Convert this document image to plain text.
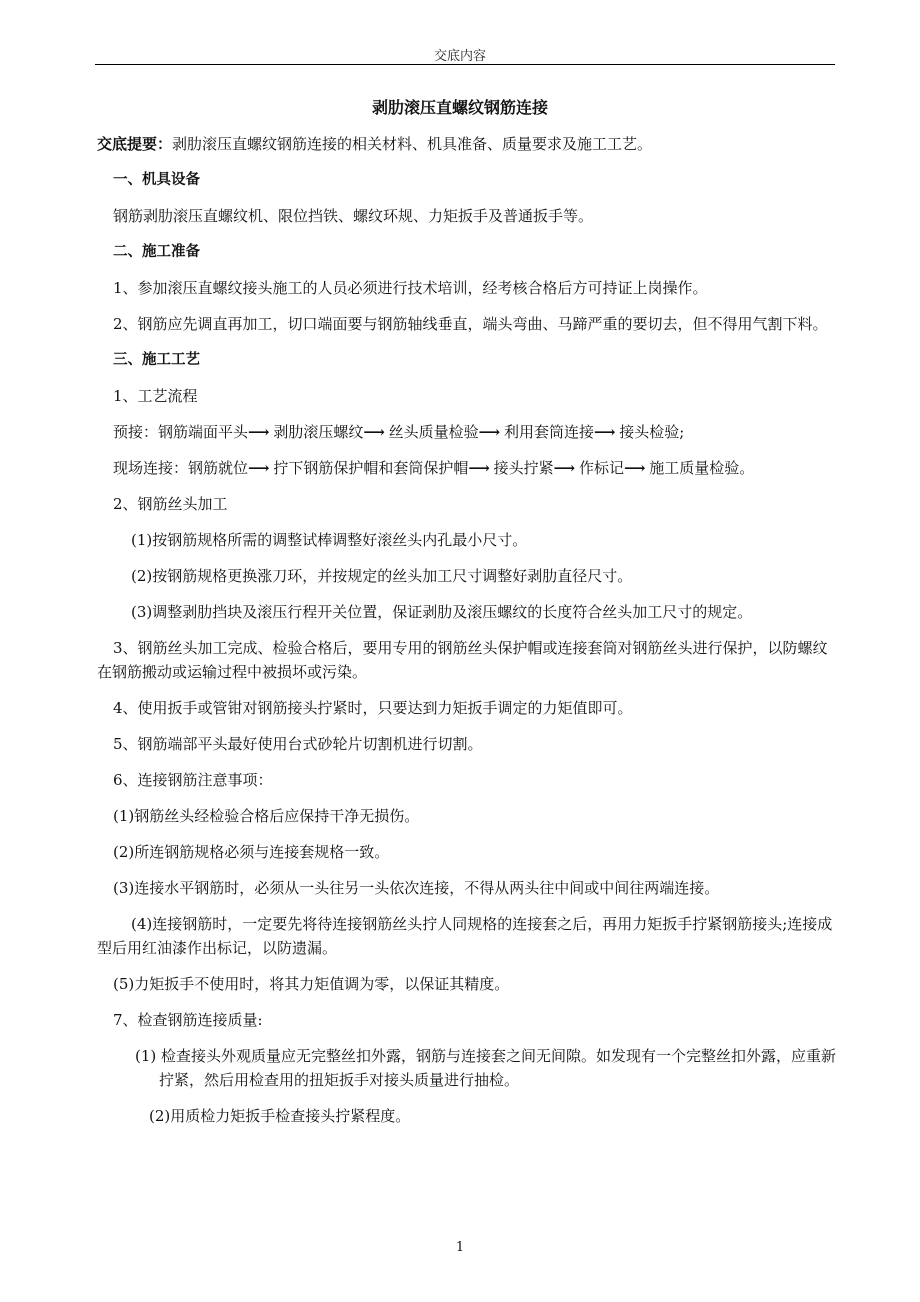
交底内容
剥肋滚压直螺纹钢筋连接

交底提要：剥肋滚压直螺纹钢筋连接的相关材料、机具准备、质量要求及施工工艺。

一、机具设备

钢筋剥肋滚压直螺纹机、限位挡铁、螺纹环规、力矩扳手及普通扳手等。

二、施工准备

1、参加滚压直螺纹接头施工的人员必须进行技术培训，经考核合格后方可持证上岗操作。

2、钢筋应先调直再加工，切口端面要与钢筋轴线垂直，端头弯曲、马蹄严重的要切去，但不得用气割下料。

三、施工工艺

1、工艺流程

预接：钢筋端面平头⟶ 剥肋滚压螺纹⟶ 丝头质量检验⟶ 利用套筒连接⟶ 接头检验;

现场连接：钢筋就位⟶ 拧下钢筋保护帽和套筒保护帽⟶ 接头拧紧⟶ 作标记⟶ 施工质量检验。

2、钢筋丝头加工

(1)按钢筋规格所需的调整试棒调整好滚丝头内孔最小尺寸。

(2)按钢筋规格更换涨刀环，并按规定的丝头加工尺寸调整好剥肋直径尺寸。

(3)调整剥肋挡块及滚压行程开关位置，保证剥肋及滚压螺纹的长度符合丝头加工尺寸的规定。

3、钢筋丝头加工完成、检验合格后，要用专用的钢筋丝头保护帽或连接套筒对钢筋丝头进行保护，以防螺纹在钢筋搬动或运输过程中被损坏或污染。

4、使用扳手或管钳对钢筋接头拧紧时，只要达到力矩扳手调定的力矩值即可。

5、钢筋端部平头最好使用台式砂轮片切割机进行切割。

6、连接钢筋注意事项：

(1)钢筋丝头经检验合格后应保持干净无损伤。

(2)所连钢筋规格必须与连接套规格一致。

(3)连接水平钢筋时，必须从一头往另一头依次连接，不得从两头往中间或中间往两端连接。

(4)连接钢筋时，一定要先将待连接钢筋丝头拧人同规格的连接套之后，再用力矩扳手拧紧钢筋接头;连接成型后用红油漆作出标记，以防遗漏。

(5)力矩扳手不使用时，将其力矩值调为零，以保证其精度。

7、检查钢筋连接质量:

(1) 检查接头外观质量应无完整丝扣外露，钢筋与连接套之间无间隙。如发现有一个完整丝扣外露，应重新拧紧，然后用检查用的扭矩扳手对接头质量进行抽检。

(2)用质检力矩扳手检查接头拧紧程度。

1
